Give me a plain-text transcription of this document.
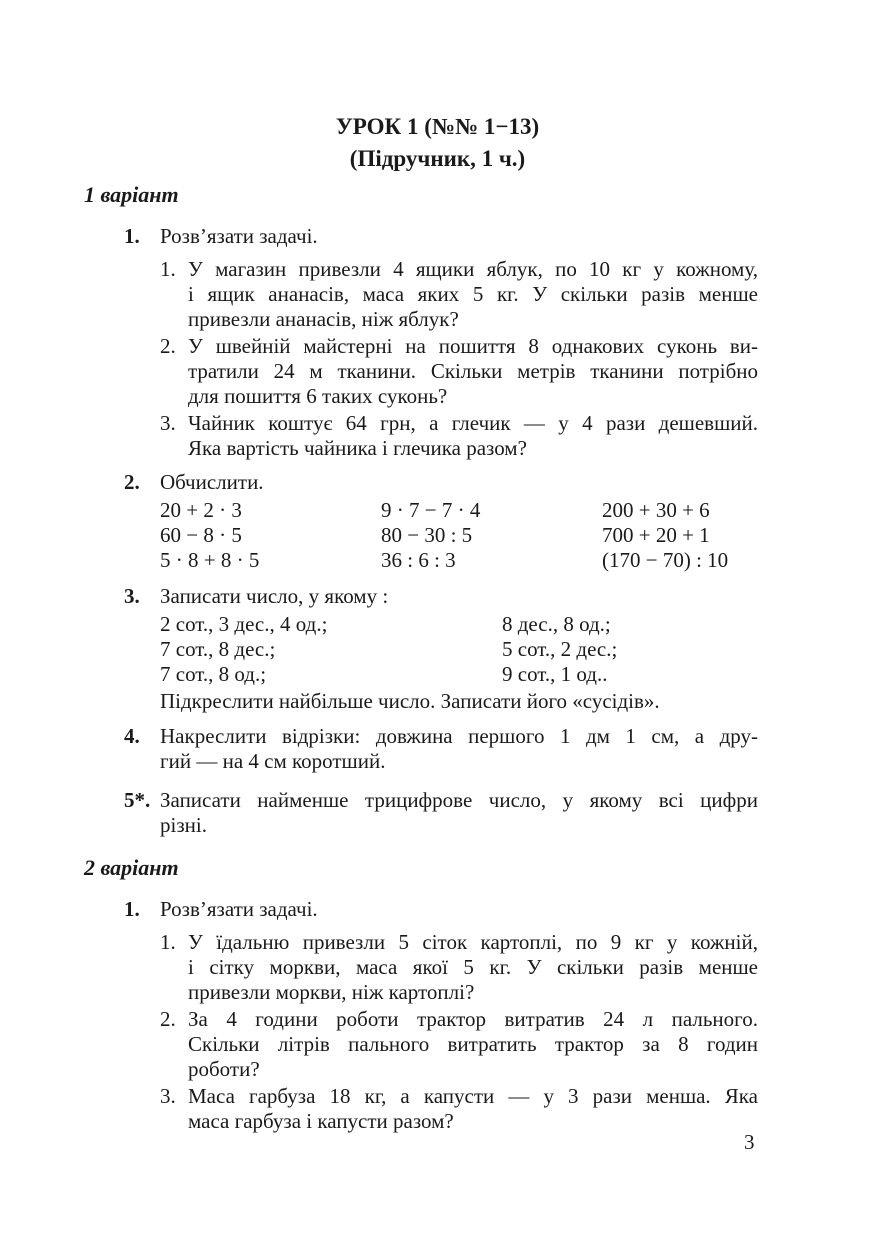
УРОК 1 (№№ 1−13)
(Підручник, 1 ч.)
1 варіант
1. Розв’язати задачі.
1. У магазин привезли 4 ящики яблук, по 10 кг у кожному,
і ящик ананасів, маса яких 5 кг. У скільки разів менше
привезли ананасів, ніж яблук?
2. У швейній майстерні на пошиття 8 однакових суконь ви-
тратили 24 м тканини. Скільки метрів тканини потрібно
для пошиття 6 таких суконь?
3. Чайник коштує 64 грн, а глечик — у 4 рази дешевший.
Яка вартість чайника і глечика разом?
2. Обчислити.
20 + 2 · 3	9 · 7 − 7 · 4	200 + 30 + 6
60 − 8 · 5	80 − 30 : 5	700 + 20 + 1
5 · 8 + 8 · 5	36 : 6 : 3	(170 − 70) : 10
3. Записати число, у якому :
2 сот., 3 дес., 4 од.;	8 дес., 8 од.;
7 сот., 8 дес.;	5 сот., 2 дес.;
7 сот., 8 од.;	9 сот., 1 од..
Підкреслити найбільше число. Записати його «сусідів».
4. Накреслити відрізки: довжина першого 1 дм 1 см, а дру-
гий — на 4 см коротший.
5*. Записати найменше трицифрове число, у якому всі цифри
різні.
2 варіант
1. Розв’язати задачі.
1. У їдальню привезли 5 сіток картоплі, по 9 кг у кожній,
і сітку моркви, маса якої 5 кг. У скільки разів менше
привезли моркви, ніж картоплі?
2. За 4 години роботи трактор витратив 24 л пального.
Скільки літрів пального витратить трактор за 8 годин
роботи?
3. Маса гарбуза 18 кг, а капусти — у 3 рази менша. Яка
маса гарбуза і капусти разом?
3
